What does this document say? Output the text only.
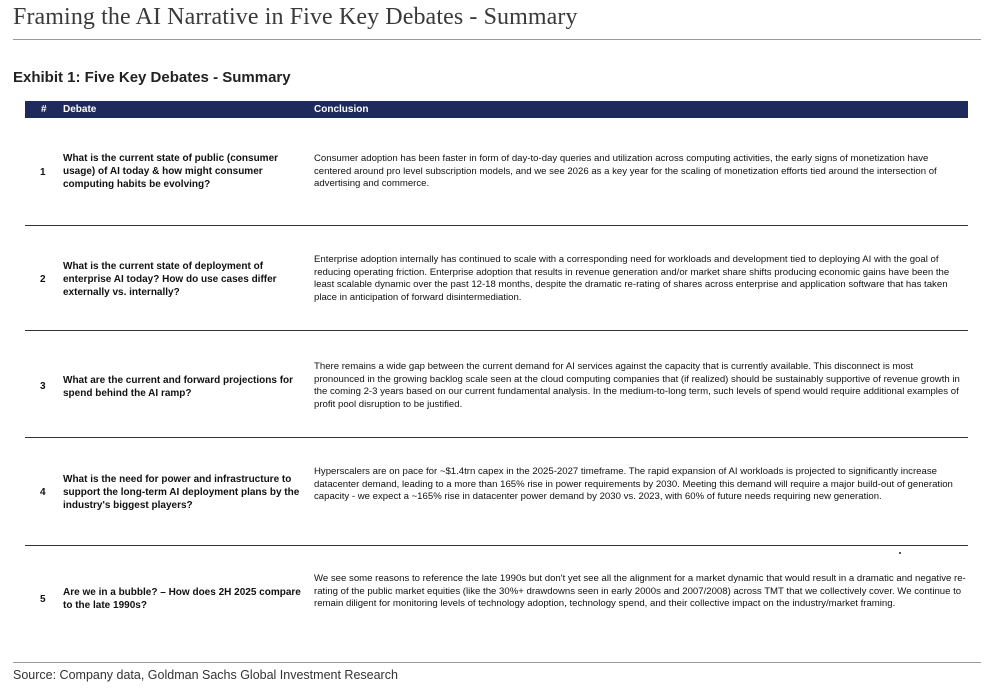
Framing the AI Narrative in Five Key Debates - Summary
Exhibit 1: Five Key Debates - Summary
# Debate	Conclusion
1
What is the current state of public (consumer usage) of AI today & how might consumer computing habits be evolving?
Consumer adoption has been faster in form of day-to-day queries and utilization across computing activities, the early signs of monetization have centered around pro level subscription models, and we see 2026 as a key year for the scaling of monetization efforts tied around the intersection of advertising and commerce.
2
What is the current state of deployment of enterprise AI today? How do use cases differ externally vs. internally?
Enterprise adoption internally has continued to scale with a corresponding need for workloads and development tied to deploying AI with the goal of reducing operating friction. Enterprise adoption that results in revenue generation and/or market share shifts producing economic gains have been the least scalable dynamic over the past 12-18 months, despite the dramatic re-rating of shares across enterprise and application software that has taken place in anticipation of forward disintermediation.
3
What are the current and forward projections for spend behind the AI ramp?
There remains a wide gap between the current demand for AI services against the capacity that is currently available. This disconnect is most pronounced in the growing backlog scale seen at the cloud computing companies that (if realized) should be sustainably supportive of revenue growth in the coming 2-3 years based on our current fundamental analysis. In the medium-to-long term, such levels of spend would require additional examples of profit pool disruption to be justified.
4
What is the need for power and infrastructure to support the long-term AI deployment plans by the industry's biggest players?
Hyperscalers are on pace for ~$1.4trn capex in the 2025-2027 timeframe. The rapid expansion of AI workloads is projected to significantly increase datacenter demand, leading to a more than 165% rise in power requirements by 2030. Meeting this demand will require a major build-out of generation capacity - we expect a ~165% rise in datacenter power demand by 2030 vs. 2023, with 60% of future needs requiring new generation.
5
Are we in a bubble? – How does 2H 2025 compare to the late 1990s?
We see some reasons to reference the late 1990s but don't yet see all the alignment for a market dynamic that would result in a dramatic and negative re-rating of the public market equities (like the 30%+ drawdowns seen in early 2000s and 2007/2008) across TMT that we collectively cover. We continue to remain diligent for monitoring levels of technology adoption, technology spend, and their collective impact on the industry/market framing.
Source: Company data, Goldman Sachs Global Investment Research
